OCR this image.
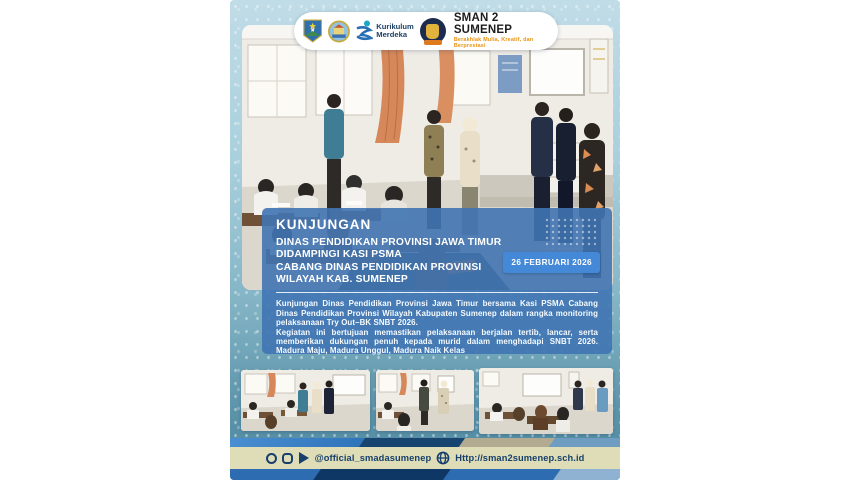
Kurikulum
Merdeka
SMAN 2 SUMENEP
Berakhlak Mulia, Kreatif, dan Berprestasi
KUNJUNGAN
DINAS PENDIDIKAN PROVINSI JAWA TIMUR
DIDAMPINGI KASI PSMA
CABANG DINAS PENDIDIKAN PROVINSI
WILAYAH KAB. SUMENEP
26 FEBRUARI 2026

Kunjungan Dinas Pendidikan Provinsi Jawa Timur bersama Kasi PSMA Cabang Dinas Pendidikan Provinsi Wilayah Kabupaten Sumenep dalam rangka monitoring pelaksanaan Try Out–BK SNBT 2026.

Kegiatan ini bertujuan memastikan pelaksanaan berjalan tertib, lancar, serta memberikan dukungan penuh kepada murid dalam menghadapi SNBT 2026. Madura Maju, Madura Unggul, Madura Naik Kelas

@official_smadasumenep	Http://sman2sumenep.sch.id
